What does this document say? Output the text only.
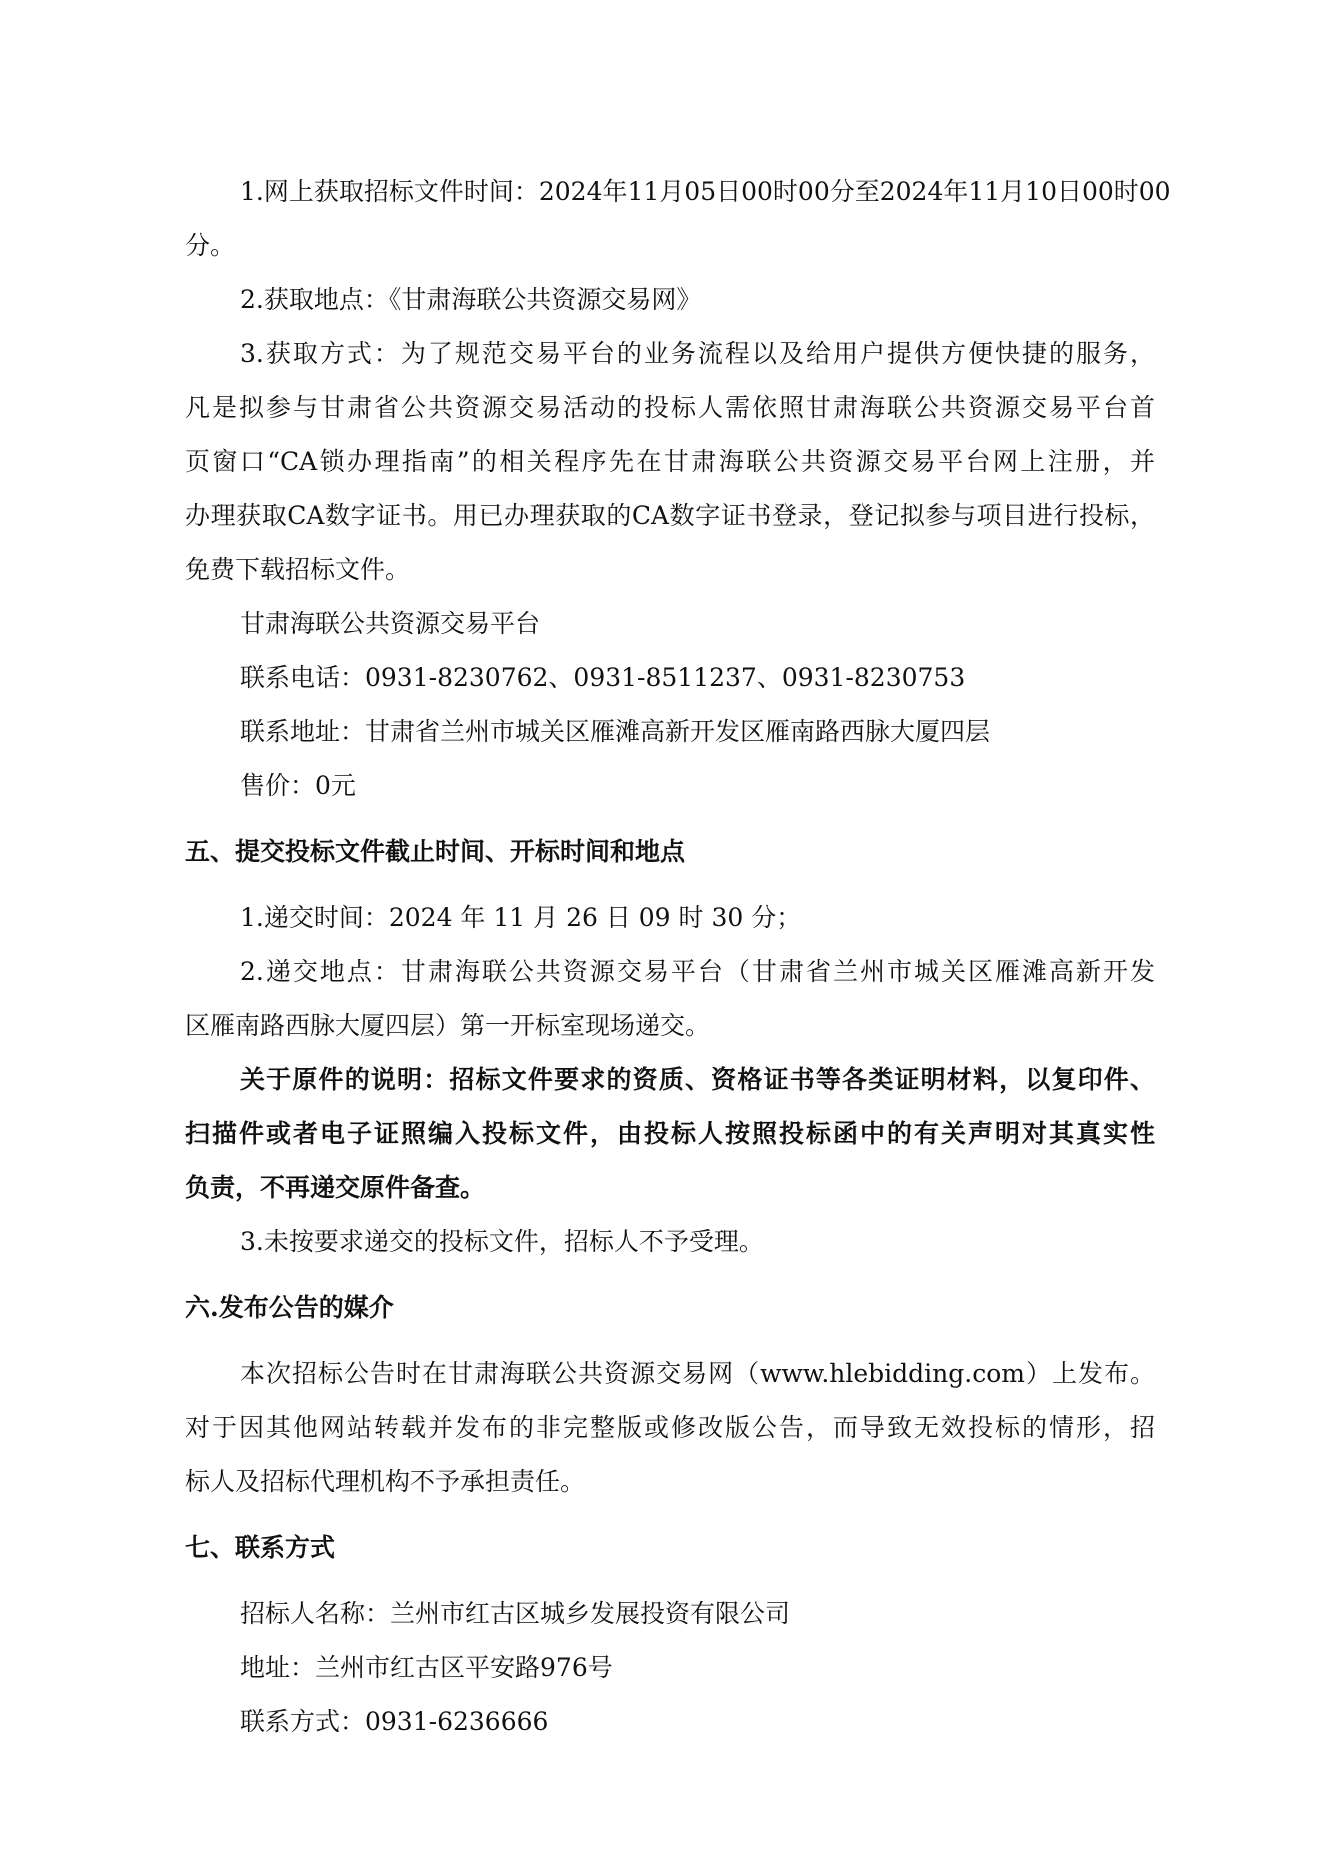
1.网上获取招标文件时间：2024年11月05日00时00分至2024年11月10日00时00
分。
2.获取地点：《甘肃海联公共资源交易网》
3.获取方式：为了规范交易平台的业务流程以及给用户提供方便快捷的服务，
凡是拟参与甘肃省公共资源交易活动的投标人需依照甘肃海联公共资源交易平台首
页窗口“CA锁办理指南”的相关程序先在甘肃海联公共资源交易平台网上注册，并
办理获取CA数字证书。用已办理获取的CA数字证书登录，登记拟参与项目进行投标，
免费下载招标文件。
甘肃海联公共资源交易平台
联系电话：0931-8230762、0931-8511237、0931-8230753
联系地址：甘肃省兰州市城关区雁滩高新开发区雁南路西脉大厦四层
售价：0元
五、提交投标文件截止时间、开标时间和地点
1.递交时间：2024 年 11 月 26 日 09 时 30 分；
2.递交地点：甘肃海联公共资源交易平台（甘肃省兰州市城关区雁滩高新开发
区雁南路西脉大厦四层）第一开标室现场递交。
关于原件的说明：招标文件要求的资质、资格证书等各类证明材料，以复印件、
扫描件或者电子证照编入投标文件，由投标人按照投标函中的有关声明对其真实性
负责，不再递交原件备查。
3.未按要求递交的投标文件，招标人不予受理。
六.发布公告的媒介
本次招标公告时在甘肃海联公共资源交易网（www.hlebidding.com）上发布。
对于因其他网站转载并发布的非完整版或修改版公告，而导致无效投标的情形，招
标人及招标代理机构不予承担责任。
七、联系方式
招标人名称：兰州市红古区城乡发展投资有限公司
地址：兰州市红古区平安路976号
联系方式：0931-6236666
